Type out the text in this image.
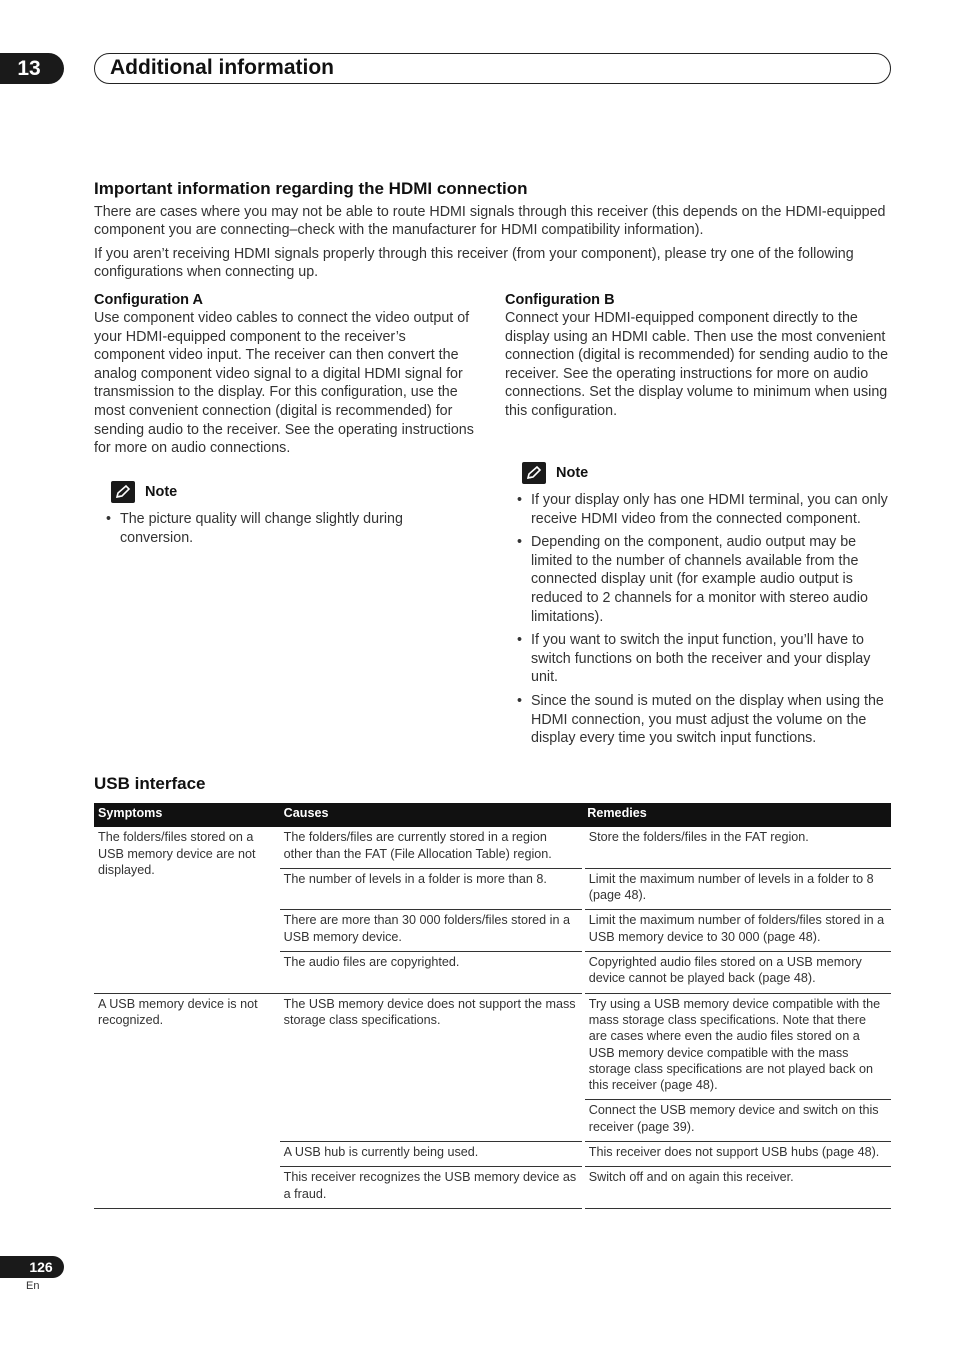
13	Additional information
Important information regarding the HDMI connection

There are cases where you may not be able to route HDMI signals through this receiver (this depends on the HDMI-equipped component you are connecting–check with the manufacturer for HDMI compatibility information).

If you aren’t receiving HDMI signals properly through this receiver (from your component), please try one of the following configurations when connecting up.

Configuration A

Use component video cables to connect the video output of your HDMI-equipped component to the receiver’s component video input. The receiver can then convert the analog component video signal to a digital HDMI signal for transmission to the display. For this configuration, use the most convenient connection (digital is recommended) for sending audio to the receiver. See the operating instructions for more on audio connections.

Note
• The picture quality will change slightly during conversion.
Configuration B

Connect your HDMI-equipped component directly to the display using an HDMI cable. Then use the most convenient connection (digital is recommended) for sending audio to the receiver. See the operating instructions for more on audio connections. Set the display volume to minimum when using this configuration.

Note
• If your display only has one HDMI terminal, you can only receive HDMI video from the connected component.
• Depending on the component, audio output may be limited to the number of channels available from the connected display unit (for example audio output is reduced to 2 channels for a monitor with stereo audio limitations).
• If you want to switch the input function, you’ll have to switch functions on both the receiver and your display unit.
• Since the sound is muted on the display when using the HDMI connection, you must adjust the volume on the display every time you switch input functions.
USB interface
Symptoms	Causes	Remedies
The folders/files stored on a USB memory device are not displayed.	The folders/files are currently stored in a region other than the FAT (File Allocation Table) region.	Store the folders/files in the FAT region.
	The number of levels in a folder is more than 8.	Limit the maximum number of levels in a folder to 8 (page 48).
	There are more than 30 000 folders/files stored in a USB memory device.	Limit the maximum number of folders/files stored in a USB memory device to 30 000 (page 48).
	The audio files are copyrighted.	Copyrighted audio files stored on a USB memory device cannot be played back (page 48).
A USB memory device is not recognized.	The USB memory device does not support the mass storage class specifications.	Try using a USB memory device compatible with the mass storage class specifications. Note that there are cases where even the audio files stored on a USB memory device compatible with the mass storage class specifications are not played back on this receiver (page 48).
		Connect the USB memory device and switch on this receiver (page 39).
	A USB hub is currently being used.	This receiver does not support USB hubs (page 48).
	This receiver recognizes the USB memory device as a fraud.	Switch off and on again this receiver.
126
En
